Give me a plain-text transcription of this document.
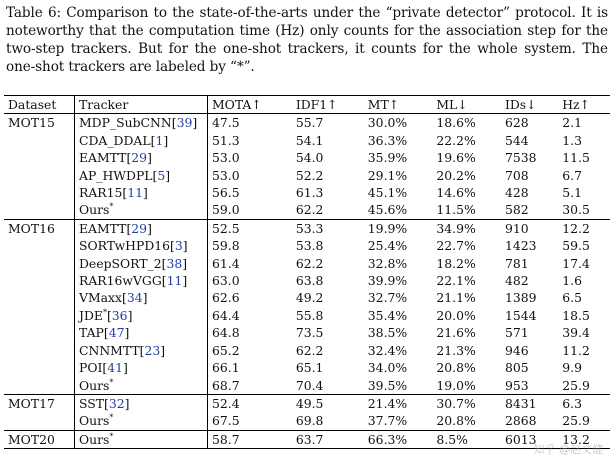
Table 6: Comparison to the state-of-the-arts under the “private detector” protocol. It is noteworthy that the computation time (Hz) only counts for the association step for the two-step trackers. But for the one-shot trackers, it counts for the whole system. The one-shot trackers are labeled by “*”.
Dataset	Tracker	MOTA↑	IDF1↑	MT↑	ML↓	IDs↓	Hz↑
MOT15	MDP_SubCNN[39]	47.5	55.7	30.0%	18.6%	628	2.1
	CDA_DDAL[1]	51.3	54.1	36.3%	22.2%	544	1.3
	EAMTT[29]	53.0	54.0	35.9%	19.6%	7538	11.5
	AP_HWDPL[5]	53.0	52.2	29.1%	20.2%	708	6.7
	RAR15[11]	56.5	61.3	45.1%	14.6%	428	5.1
	Ours*	59.0	62.2	45.6%	11.5%	582	30.5
MOT16	EAMTT[29]	52.5	53.3	19.9%	34.9%	910	12.2
	SORTwHPD16[3]	59.8	53.8	25.4%	22.7%	1423	59.5
	DeepSORT_2[38]	61.4	62.2	32.8%	18.2%	781	17.4
	RAR16wVGG[11]	63.0	63.8	39.9%	22.1%	482	1.6
	VMaxx[34]	62.6	49.2	32.7%	21.1%	1389	6.5
	JDE*[36]	64.4	55.8	35.4%	20.0%	1544	18.5
	TAP[47]	64.8	73.5	38.5%	21.6%	571	39.4
	CNNMTT[23]	65.2	62.2	32.4%	21.3%	946	11.2
	POI[41]	66.1	65.1	34.0%	20.8%	805	9.9
	Ours*	68.7	70.4	39.5%	19.0%	953	25.9
MOT17	SST[32]	52.4	49.5	21.4%	30.7%	8431	6.3
	Ours*	67.5	69.8	37.7%	20.8%	2868	25.9
MOT20	Ours*	58.7	63.7	66.3%	8.5%	6013	13.2
知乎 @赵文健
